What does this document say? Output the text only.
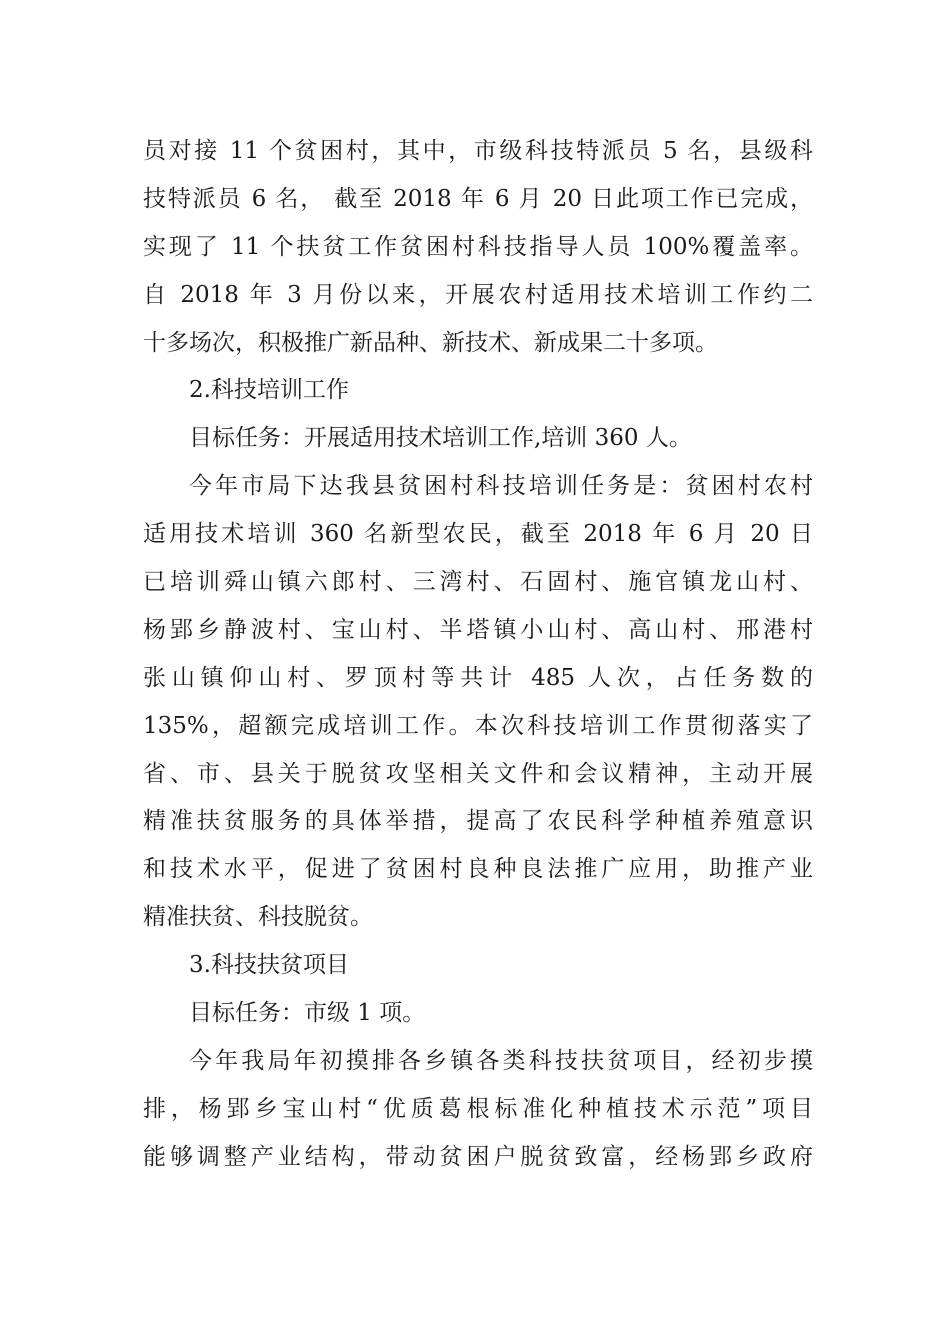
员对接 11 个贫困村，其中，市级科技特派员 5 名，县级科
技特派员 6 名， 截至 2018 年 6 月 20 日此项工作已完成，
实现了 11 个扶贫工作贫困村科技指导人员 100%覆盖率。
自 2018 年 3 月份以来，开展农村适用技术培训工作约二
十多场次，积极推广新品种、新技术、新成果二十多项。
2.科技培训工作
目标任务：开展适用技术培训工作,培训 360 人。
今年市局下达我县贫困村科技培训任务是：贫困村农村
适用技术培训 360 名新型农民，截至 2018 年 6 月 20 日
已培训舜山镇六郎村、三湾村、石固村、施官镇龙山村、
杨郢乡静波村、宝山村、半塔镇小山村、高山村、邢港村
张山镇仰山村、罗顶村等共计 485 人次，占任务数的
135%，超额完成培训工作。本次科技培训工作贯彻落实了
省、市、县关于脱贫攻坚相关文件和会议精神，主动开展
精准扶贫服务的具体举措，提高了农民科学种植养殖意识
和技术水平，促进了贫困村良种良法推广应用，助推产业
精准扶贫、科技脱贫。
3.科技扶贫项目
目标任务：市级 1 项。
今年我局年初摸排各乡镇各类科技扶贫项目，经初步摸
排，杨郢乡宝山村“优质葛根标准化种植技术示范”项目
能够调整产业结构，带动贫困户脱贫致富，经杨郢乡政府
